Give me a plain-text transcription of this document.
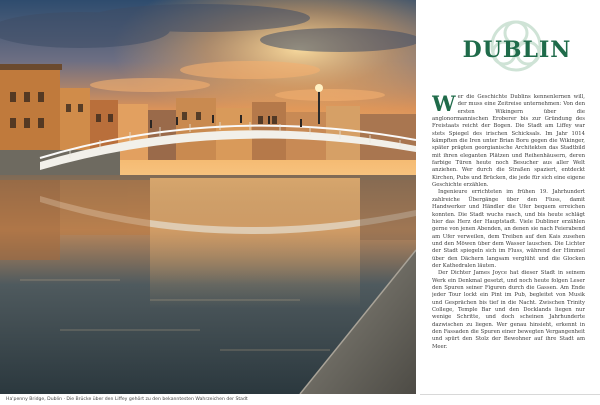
Ha'penny Bridge, Dublin · Die Brücke über den Liffey gehört zu den bekanntesten Wahrzeichen der Stadt
DUBLIN
W er die Geschichte Dublins kennenlernen will, der muss eine Zeitreise unternehmen: Von den ersten Wikingern über die anglonormannischen Eroberer bis zur Gründung des Freistaats reicht der Bogen. Die Stadt am Liffey war stets Spiegel des irischen Schicksals. Im Jahr 1014 kämpften die Iren unter Brian Boru gegen die Wikinger, später prägten georgianische Architekten das Stadtbild mit ihren eleganten Plätzen und Reihenhäusern, deren farbige Türen heute noch Besucher aus aller Welt anziehen. Wer durch die Straßen spaziert, entdeckt Kirchen, Pubs und Brücken, die jede für sich eine eigene Geschichte erzählen.

Ingenieure errichteten im frühen 19. Jahrhundert zahlreiche Übergänge über den Fluss, damit Handwerker und Händler die Ufer bequem erreichen konnten. Die Stadt wuchs rasch, und bis heute schlägt hier das Herz der Hauptstadt. Viele Dubliner erzählen gerne von jenen Abenden, an denen sie nach Feierabend am Ufer verweilen, dem Treiben auf den Kais zusehen und den Möwen über dem Wasser lauschen. Die Lichter der Stadt spiegeln sich im Fluss, während der Himmel über den Dächern langsam verglüht und die Glocken der Kathedralen läuten.

Der Dichter James Joyce hat dieser Stadt in seinem Werk ein Denkmal gesetzt, und noch heute folgen Leser den Spuren seiner Figuren durch die Gassen. Am Ende jeder Tour lockt ein Pint im Pub, begleitet von Musik und Gesprächen bis tief in die Nacht. Zwischen Trinity College, Temple Bar und den Docklands liegen nur wenige Schritte, und doch scheinen Jahrhunderte dazwischen zu liegen. Wer genau hinsieht, erkennt in den Fassaden die Spuren einer bewegten Vergangenheit und spürt den Stolz der Bewohner auf ihre Stadt am Meer.
